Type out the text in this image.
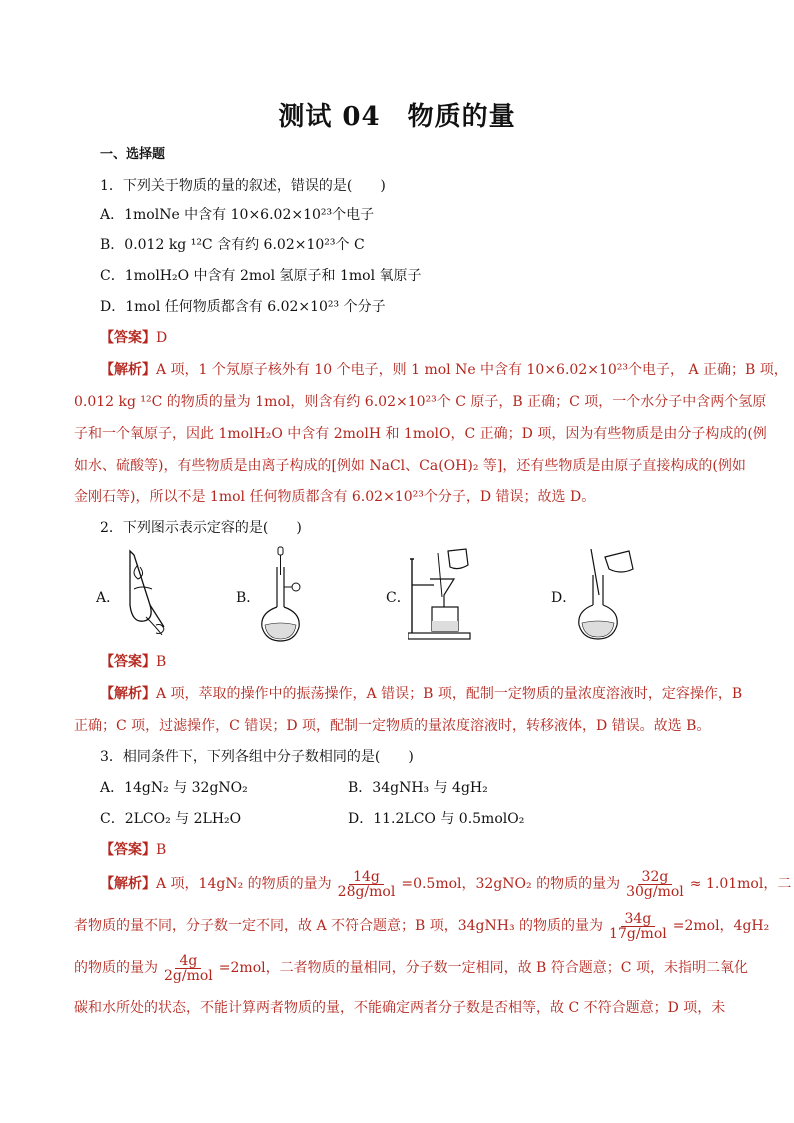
测试 04　物质的量
一、选择题
1．下列关于物质的量的叙述，错误的是(　　)
A．1molNe 中含有 10×6.02×10²³个电子
B．0.012 kg ¹²C 含有约 6.02×10²³个 C
C．1molH₂O 中含有 2mol 氢原子和 1mol 氧原子
D．1mol 任何物质都含有 6.02×10²³ 个分子
【答案】D
【解析】A 项，1 个氖原子核外有 10 个电子，则 1 mol Ne 中含有 10×6.02×10²³个电子， A 正确；B 项，
0.012 kg ¹²C 的物质的量为 1mol，则含有约 6.02×10²³个 C 原子，B 正确；C 项，一个水分子中含两个氢原
子和一个氧原子，因此 1molH₂O 中含有 2molH 和 1molO，C 正确；D 项，因为有些物质是由分子构成的(例
如水、硫酸等)，有些物质是由离子构成的[例如 NaCl、Ca(OH)₂ 等]，还有些物质是由原子直接构成的(例如
金刚石等)，所以不是 1mol 任何物质都含有 6.02×10²³个分子，D 错误；故选 D。
2．下列图示表示定容的是(　　)
A．	B．	C．	D．
【答案】B
【解析】A 项，萃取的操作中的振荡操作，A 错误；B 项，配制一定物质的量浓度溶液时，定容操作，B
正确；C 项，过滤操作，C 错误；D 项，配制一定物质的量浓度溶液时，转移液体，D 错误。故选 B。
3．相同条件下，下列各组中分子数相同的是(　　)
A．14gN₂ 与 32gNO₂	B．34gNH₃ 与 4gH₂
C．2LCO₂ 与 2LH₂O	D．11.2LCO 与 0.5molO₂
【答案】B
【解析】A 项，14gN₂ 的物质的量为 $\frac{14g}{\text{28g/mol}} =0.5mol$，32gNO₂ 的物质的量为 $\frac{32g}{\text{30g/mol}} \approx 1.01mol$，二
者物质的量不同，分子数一定不同，故 A 不符合题意；B 项，34gNH₃ 的物质的量为 $\frac{34g}{\text{17g/mol}} =2mol$，4gH₂
的物质的量为 $\frac{4g}{\text{2g/mol}} =2mol$，二者物质的量相同，分子数一定相同，故 B 符合题意；C 项，未指明二氧化
碳和水所处的状态，不能计算两者物质的量，不能确定两者分子数是否相等，故 C 不符合题意；D 项，未
